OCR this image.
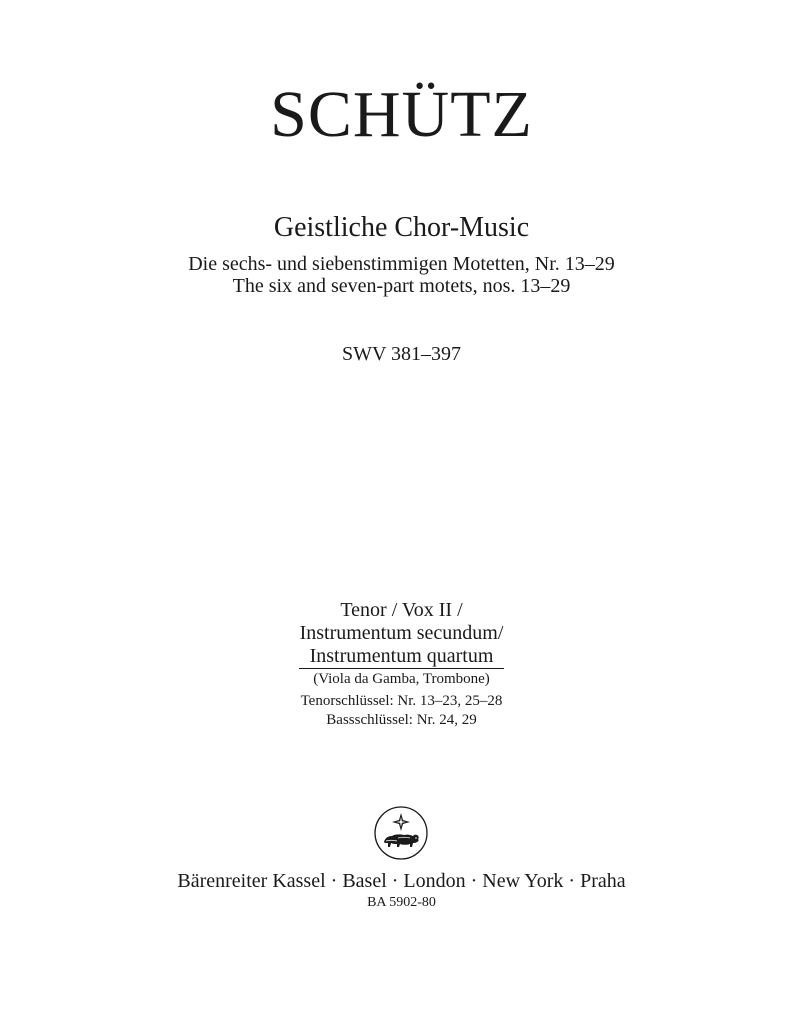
SCHÜTZ
Geistliche Chor-Music
Die sechs- und siebenstimmigen Motetten, Nr. 13–29
The six and seven-part motets, nos. 13–29
SWV 381–397
Tenor / Vox II /
Instrumentum secundum/
Instrumentum quartum
(Viola da Gamba, Trombone)
Tenorschlüssel: Nr. 13–23, 25–28
Bassschlüssel: Nr. 24, 29
Bärenreiter Kassel · Basel · London · New York · Praha
BA 5902-80
